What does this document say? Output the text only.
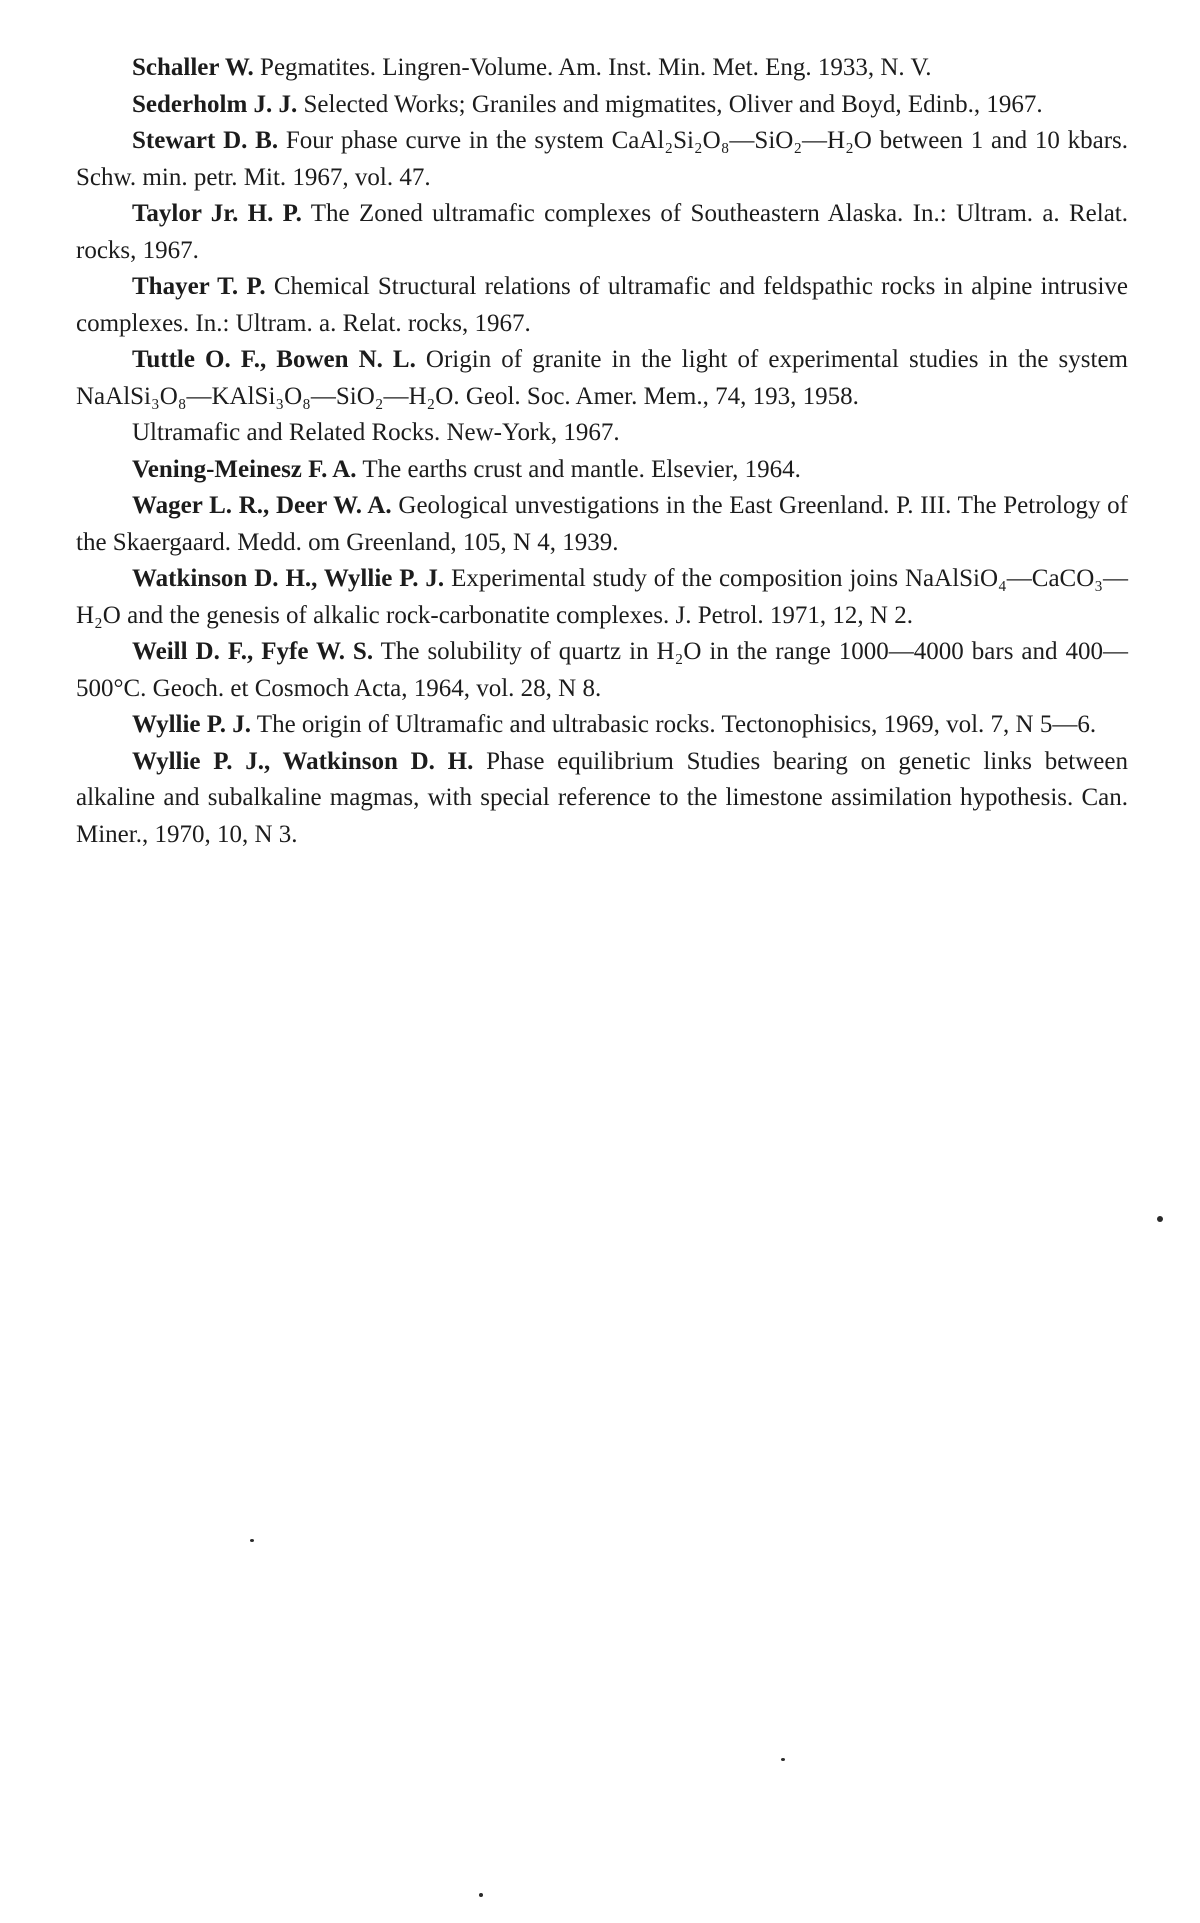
Schaller W. Pegmatites. Lingren-Volume. Am. Inst. Min. Met. Eng. 1933, N. V.
Sederholm J. J. Selected Works; Graniles and migmatites, Oliver and Boyd, Edinb., 1967.
Stewart D. B. Four phase curve in the system CaAl₂Si₂O₈—SiO₂—H₂O between 1 and 10 kbars. Schw. min. petr. Mit. 1967, vol. 47.
Taylor Jr. H. P. The Zoned ultramafic complexes of Southeastern Alaska. In.: Ultram. a. Relat. rocks, 1967.
Thayer T. P. Chemical Structural relations of ultramafic and feldspathic rocks in alpine intrusive complexes. In.: Ultram. a. Relat. rocks, 1967.
Tuttle O. F., Bowen N. L. Origin of granite in the light of experimental studies in the system NaAlSi₃O₈—KAlSi₃O₈—SiO₂—H₂O. Geol. Soc. Amer. Mem., 74, 193, 1958.
Ultramafic and Related Rocks. New-York, 1967.
Vening-Meinesz F. A. The earths crust and mantle. Elsevier, 1964.
Wager L. R., Deer W. A. Geological unvestigations in the East Greenland. P. III. The Petrology of the Skaergaard. Medd. om Greenland, 105, N 4, 1939.
Watkinson D. H., Wyllie P. J. Experimental study of the composition joins NaAlSiO₄—CaCO₃—H₂O and the genesis of alkalic rock-carbonatite complexes. J. Petrol. 1971, 12, N 2.
Weill D. F., Fyfe W. S. The solubility of quartz in H₂O in the range 1000—4000 bars and 400—500°C. Geoch. et Cosmoch Acta, 1964, vol. 28, N 8.
Wyllie P. J. The origin of Ultramafic and ultrabasic rocks. Tectonophisics, 1969, vol. 7, N 5—6.
Wyllie P. J., Watkinson D. H. Phase equilibrium Studies bearing on genetic links between alkaline and subalkaline magmas, with special reference to the limestone assimilation hypothesis. Can. Miner., 1970, 10, N 3.
